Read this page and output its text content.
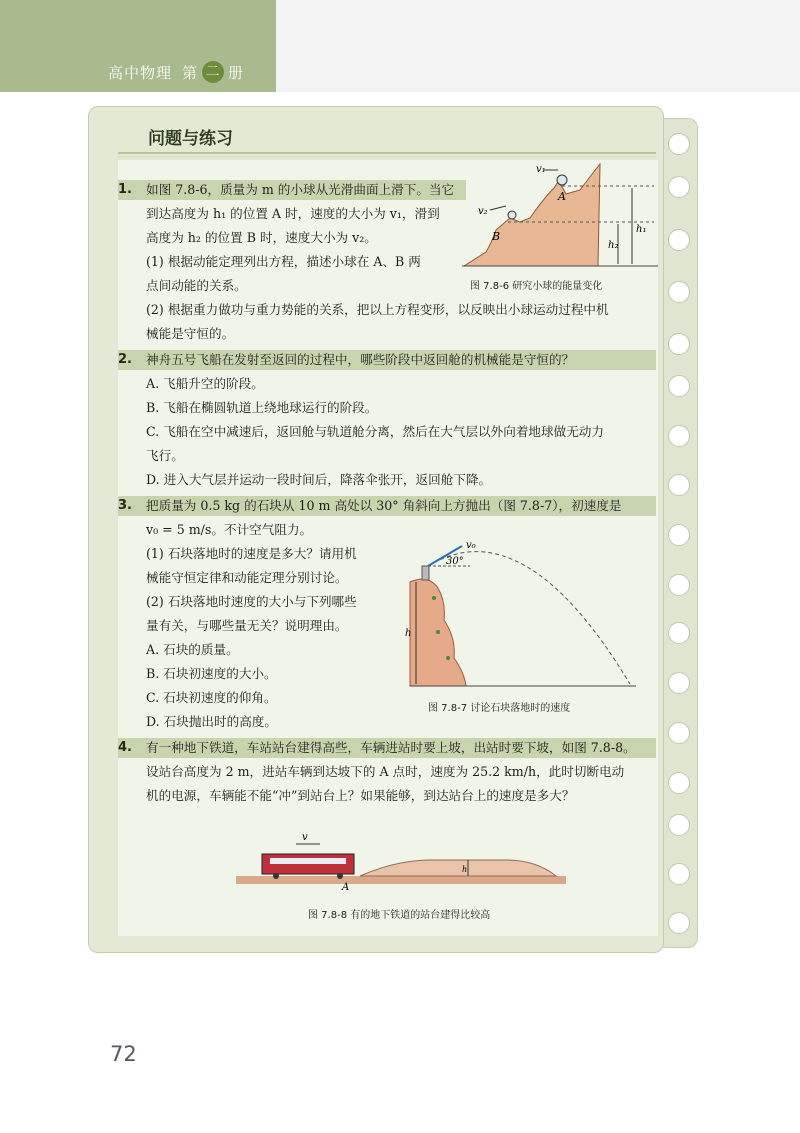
高中物理 第 二 册
问题与练习
1. 如图 7.8-6，质量为 m 的小球从光滑曲面上滑下。当它
到达高度为 h₁ 的位置 A 时，速度的大小为 v₁，滑到
高度为 h₂ 的位置 B 时，速度大小为 v₂。
(1) 根据动能定理列出方程，描述小球在 A、B 两
点间动能的关系。
(2) 根据重力做功与重力势能的关系，把以上方程变形，以反映出小球运动过程中机
械能是守恒的。
v₁
v₂
A
B
h₁
h₂
图 7.8-6 研究小球的能量变化
2. 神舟五号飞船在发射至返回的过程中，哪些阶段中返回舱的机械能是守恒的？
A. 飞船升空的阶段。
B. 飞船在椭圆轨道上绕地球运行的阶段。
C. 飞船在空中减速后，返回舱与轨道舱分离，然后在大气层以外向着地球做无动力
飞行。
D. 进入大气层并运动一段时间后，降落伞张开，返回舱下降。
3. 把质量为 0.5 kg 的石块从 10 m 高处以 30° 角斜向上方抛出（图 7.8-7），初速度是
v₀ = 5 m/s。不计空气阻力。
(1) 石块落地时的速度是多大？请用机
械能守恒定律和动能定理分别讨论。
(2) 石块落地时速度的大小与下列哪些
量有关，与哪些量无关？说明理由。
A. 石块的质量。
B. 石块初速度的大小。
C. 石块初速度的仰角。
D. 石块抛出时的高度。
v₀
30°
h
图 7.8-7 讨论石块落地时的速度
4. 有一种地下铁道，车站站台建得高些，车辆进站时要上坡，出站时要下坡，如图 7.8-8。
设站台高度为 2 m，进站车辆到达坡下的 A 点时，速度为 25.2 km/h，此时切断电动
机的电源，车辆能不能“冲”到站台上？如果能够，到达站台上的速度是多大？
v
A
h
图 7.8-8 有的地下铁道的站台建得比较高
72
